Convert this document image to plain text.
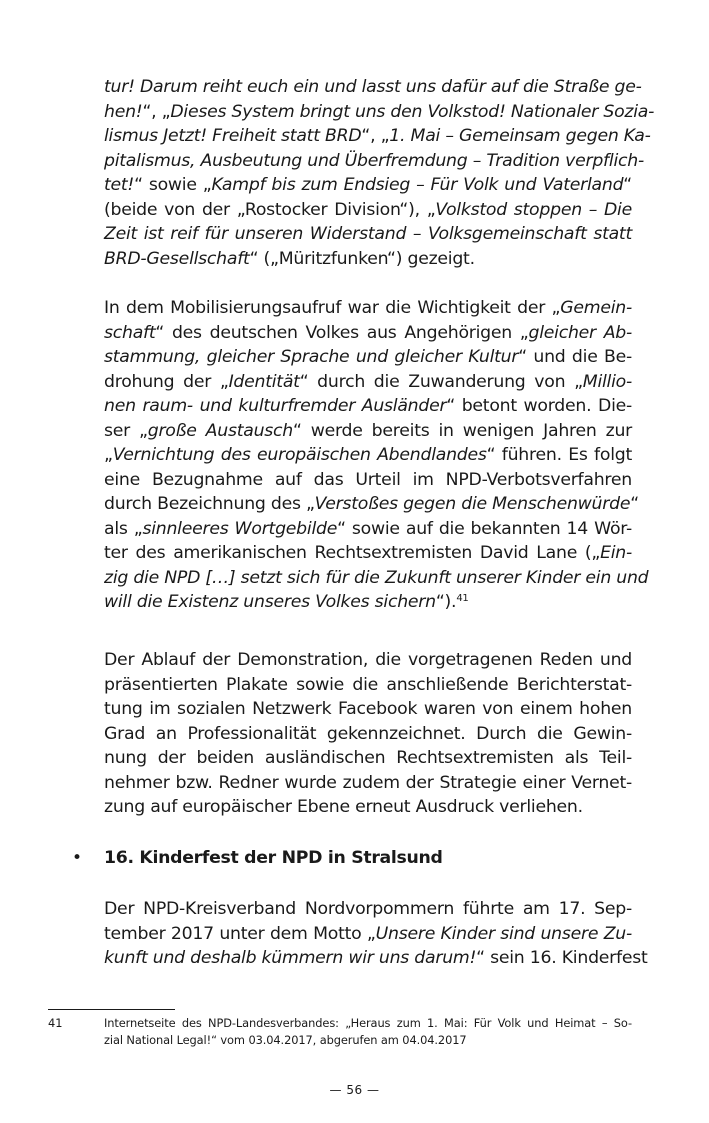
tur! Darum reiht euch ein und lasst uns dafür auf die Straße ge-
hen!“, „Dieses System bringt uns den Volkstod! Nationaler Sozia-
lismus Jetzt! Freiheit statt BRD“, „1. Mai – Gemeinsam gegen Ka-
pitalismus, Ausbeutung und Überfremdung – Tradition verpflich-
tet!“ sowie „Kampf bis zum Endsieg – Für Volk und Vaterland“
(beide von der „Rostocker Division“), „Volkstod stoppen – Die
Zeit ist reif für unseren Widerstand – Volksgemeinschaft statt
BRD-Gesellschaft“ („Müritzfunken“) gezeigt.
In dem Mobilisierungsaufruf war die Wichtigkeit der „Gemein-
schaft“ des deutschen Volkes aus Angehörigen „gleicher Ab-
stammung, gleicher Sprache und gleicher Kultur“ und die Be-
drohung der „Identität“ durch die Zuwanderung von „Millio-
nen raum- und kulturfremder Ausländer“ betont worden. Die-
ser „große Austausch“ werde bereits in wenigen Jahren zur
„Vernichtung des europäischen Abendlandes“ führen. Es folgt
eine Bezugnahme auf das Urteil im NPD-Verbotsverfahren
durch Bezeichnung des „Verstoßes gegen die Menschenwürde“
als „sinnleeres Wortgebilde“ sowie auf die bekannten 14 Wör-
ter des amerikanischen Rechtsextremisten David Lane („Ein-
zig die NPD […] setzt sich für die Zukunft unserer Kinder ein und
will die Existenz unseres Volkes sichern“).$^{41}$
Der Ablauf der Demonstration, die vorgetragenen Reden und
präsentierten Plakate sowie die anschließende Berichterstat-
tung im sozialen Netzwerk Facebook waren von einem hohen
Grad an Professionalität gekennzeichnet. Durch die Gewin-
nung der beiden ausländischen Rechtsextremisten als Teil-
nehmer bzw. Redner wurde zudem der Strategie einer Vernet-
zung auf europäischer Ebene erneut Ausdruck verliehen.
• 16. Kinderfest der NPD in Stralsund
Der NPD-Kreisverband Nordvorpommern führte am 17. Sep-
tember 2017 unter dem Motto „Unsere Kinder sind unsere Zu-
kunft und deshalb kümmern wir uns darum!“ sein 16. Kinderfest
41	Internetseite des NPD-Landesverbandes: „Heraus zum 1. Mai: Für Volk und Heimat – So-
zial National Legal!“ vom 03.04.2017, abgerufen am 04.04.2017
— 56 —
